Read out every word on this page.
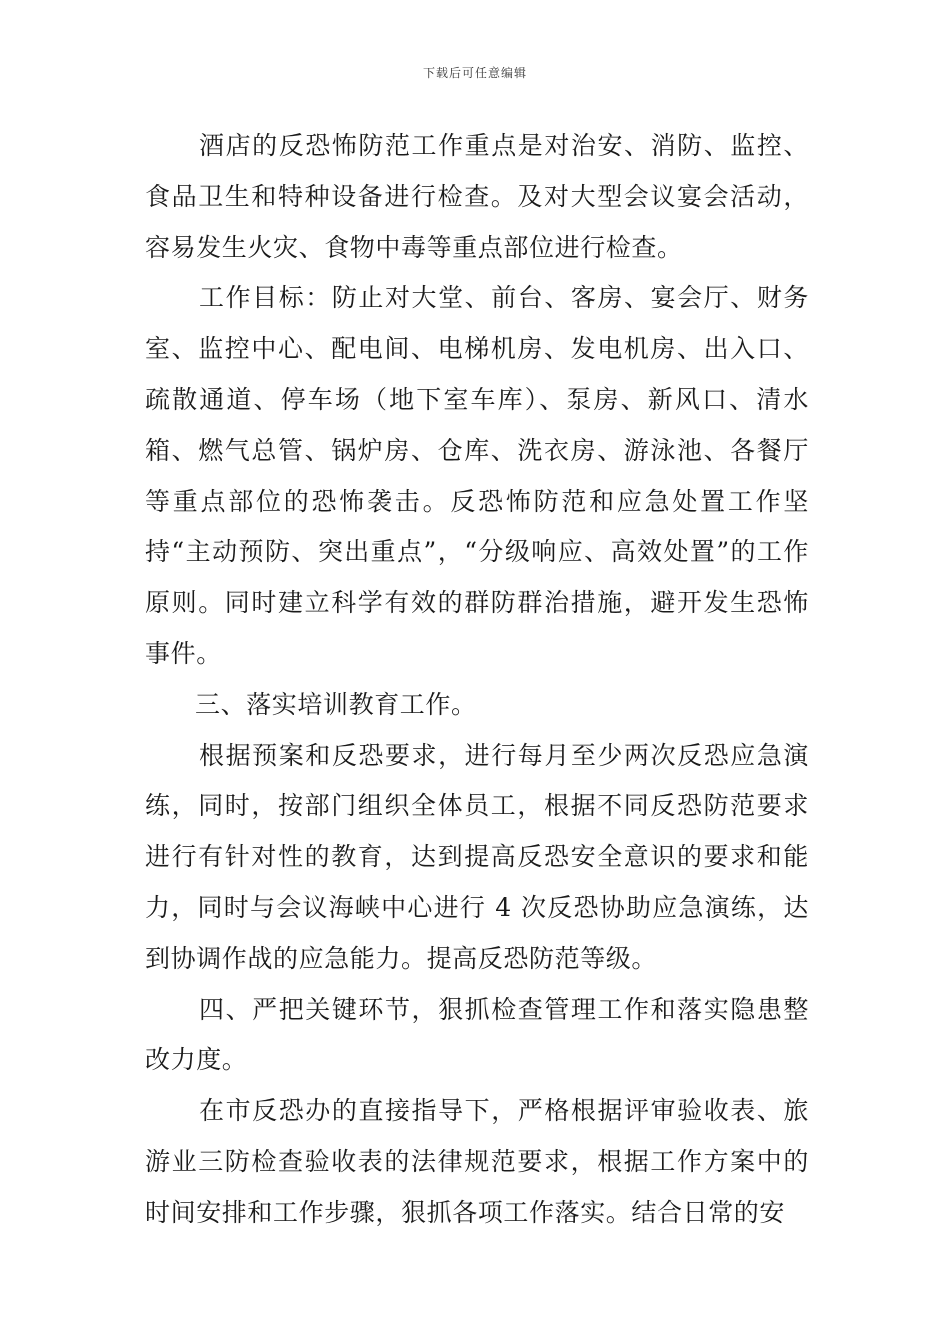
下载后可任意编辑

酒店的反恐怖防范工作重点是对治安、消防、监控、食品卫生和特种设备进行检查。及对大型会议宴会活动，容易发生火灾、食物中毒等重点部位进行检查。

工作目标：防止对大堂、前台、客房、宴会厅、财务室、监控中心、配电间、电梯机房、发电机房、出入口、疏散通道、停车场（地下室车库）、泵房、新风口、清水箱、燃气总管、锅炉房、仓库、洗衣房、游泳池、各餐厅等重点部位的恐怖袭击。反恐怖防范和应急处置工作坚持“主动预防、突出重点”，“分级响应、高效处置”的工作原则。同时建立科学有效的群防群治措施，避开发生恐怖事件。

三、落实培训教育工作。

根据预案和反恐要求，进行每月至少两次反恐应急演练，同时，按部门组织全体员工，根据不同反恐防范要求进行有针对性的教育，达到提高反恐安全意识的要求和能力，同时与会议海峡中心进行 4 次反恐协助应急演练，达到协调作战的应急能力。提高反恐防范等级。

四、严把关键环节，狠抓检查管理工作和落实隐患整改力度。

在市反恐办的直接指导下，严格根据评审验收表、旅游业三防检查验收表的法律规范要求，根据工作方案中的时间安排和工作步骤，狠抓各项工作落实。结合日常的安
